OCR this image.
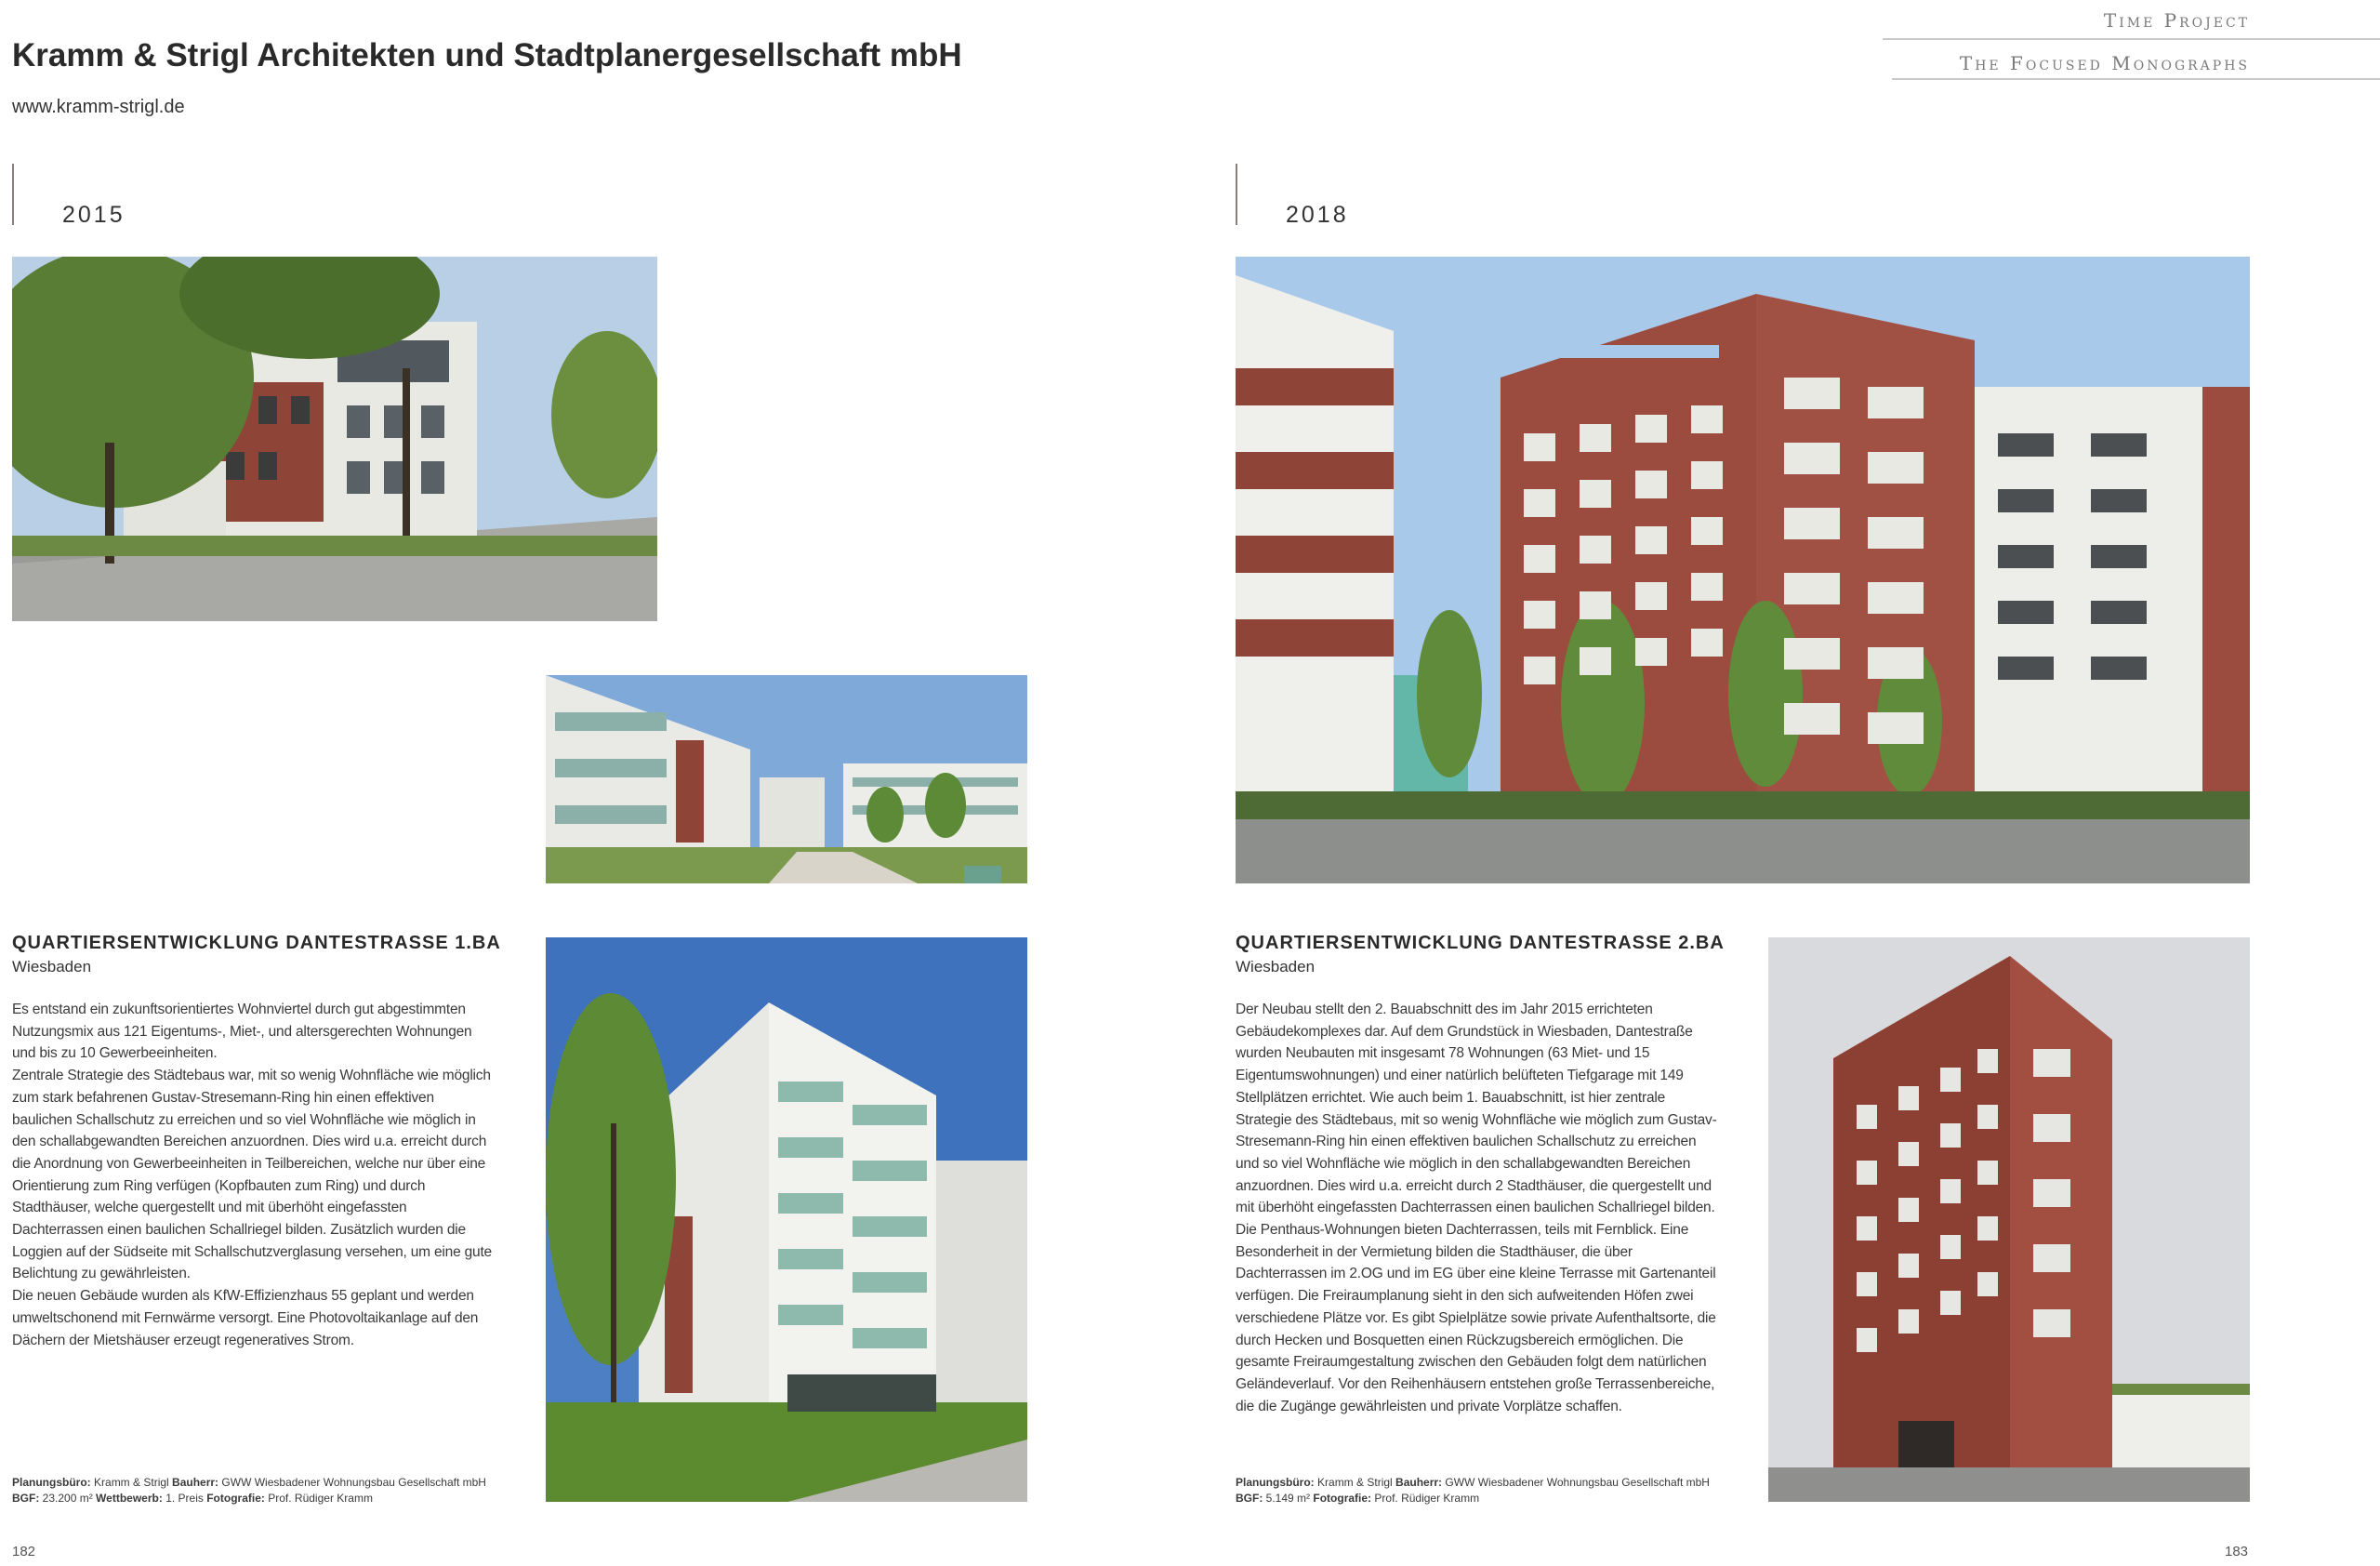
Kramm & Strigl Architekten und Stadtplanergesellschaft mbH
www.kramm-strigl.de
Time Project
The Focused Monographs
2015
QUARTIERSENTWICKLUNG DANTESTRASSE 1.BA
Wiesbaden
Es entstand ein zukunftsorientiertes Wohnviertel durch gut abgestimmten Nutzungsmix aus 121 Eigentums-, Miet-, und altersgerechten Wohnungen und bis zu 10 Gewerbeeinheiten.
Zentrale Strategie des Städtebaus war, mit so wenig Wohnfläche wie möglich zum stark befahrenen Gustav-Stresemann-Ring hin einen effektiven baulichen Schallschutz zu erreichen und so viel Wohnfläche wie möglich in den schallabgewandten Bereichen anzuordnen. Dies wird u.a. erreicht durch die Anordnung von Gewerbeeinheiten in Teilbereichen, welche nur über eine Orientierung zum Ring verfügen (Kopfbauten zum Ring) und durch Stadthäuser, welche quergestellt und mit überhöht eingefassten Dachterrassen einen baulichen Schallriegel bilden. Zusätzlich wurden die Loggien auf der Südseite mit Schallschutzverglasung versehen, um eine gute Belichtung zu gewährleisten.
Die neuen Gebäude wurden als KfW-Effizienzhaus 55 geplant und werden umweltschonend mit Fernwärme versorgt. Eine Photovoltaikanlage auf den Dächern der Mietshäuser erzeugt regeneratives Strom.
Planungsbüro: Kramm & Strigl Bauherr: GWW Wiesbadener Wohnungsbau Gesellschaft mbH
BGF: 23.200 m² Wettbewerb: 1. Preis Fotografie: Prof. Rüdiger Kramm
182
2018
QUARTIERSENTWICKLUNG DANTESTRASSE 2.BA
Wiesbaden
Der Neubau stellt den 2. Bauabschnitt des im Jahr 2015 errichteten Gebäudekomplexes dar. Auf dem Grundstück in Wiesbaden, Dantestraße wurden Neubauten mit insgesamt 78 Wohnungen (63 Miet- und 15 Eigentumswohnungen) und einer natürlich belüfteten Tiefgarage mit 149 Stellplätzen errichtet. Wie auch beim 1. Bauabschnitt, ist hier zentrale Strategie des Städtebaus, mit so wenig Wohnfläche wie möglich zum Gustav-Stresemann-Ring hin einen effektiven baulichen Schallschutz zu erreichen und so viel Wohnfläche wie möglich in den schallabgewandten Bereichen anzuordnen. Dies wird u.a. erreicht durch 2 Stadthäuser, die quergestellt und mit überhöht eingefassten Dachterrassen einen baulichen Schallriegel bilden. Die Penthaus-Wohnungen bieten Dachterrassen, teils mit Fernblick. Eine Besonderheit in der Vermietung bilden die Stadthäuser, die über Dachterrassen im 2.OG und im EG über eine kleine Terrasse mit Gartenanteil verfügen. Die Freiraumplanung sieht in den sich aufweitenden Höfen zwei verschiedene Plätze vor. Es gibt Spielplätze sowie private Aufenthaltsorte, die durch Hecken und Bosquetten einen Rückzugsbereich ermöglichen. Die gesamte Freiraumgestaltung zwischen den Gebäuden folgt dem natürlichen Geländeverlauf. Vor den Reihenhäusern entstehen große Terrassenbereiche, die die Zugänge gewährleisten und private Vorplätze schaffen.
Planungsbüro: Kramm & Strigl Bauherr: GWW Wiesbadener Wohnungsbau Gesellschaft mbH
BGF: 5.149 m² Fotografie: Prof. Rüdiger Kramm
183
